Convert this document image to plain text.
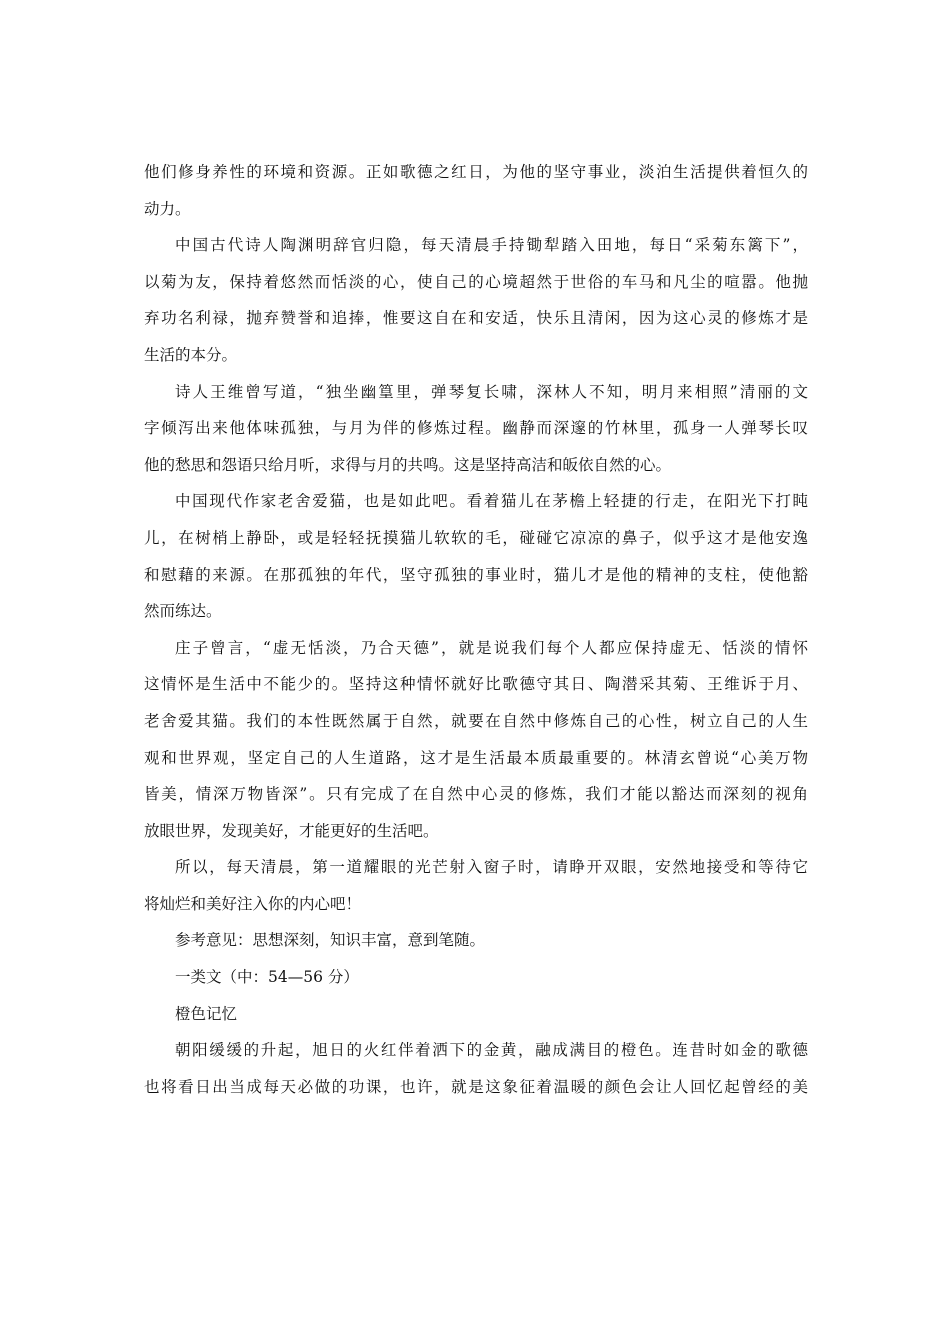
他们修身养性的环境和资源。正如歌德之红日，为他的坚守事业，淡泊生活提供着恒久的
动力。
中国古代诗人陶渊明辞官归隐，每天清晨手持锄犁踏入田地，每日“采菊东篱下”，
以菊为友，保持着悠然而恬淡的心，使自己的心境超然于世俗的车马和凡尘的喧嚣。他抛
弃功名利禄，抛弃赞誉和追捧，惟要这自在和安适，快乐且清闲，因为这心灵的修炼才是
生活的本分。
诗人王维曾写道，“独坐幽篁里，弹琴复长啸，深林人不知，明月来相照”清丽的文
字倾泻出来他体味孤独，与月为伴的修炼过程。幽静而深邃的竹林里，孤身一人弹琴长叹
他的愁思和怨语只给月听，求得与月的共鸣。这是坚持高洁和皈依自然的心。
中国现代作家老舍爱猫，也是如此吧。看着猫儿在茅檐上轻捷的行走，在阳光下打盹
儿，在树梢上静卧，或是轻轻抚摸猫儿软软的毛，碰碰它凉凉的鼻子，似乎这才是他安逸
和慰藉的来源。在那孤独的年代，坚守孤独的事业时，猫儿才是他的精神的支柱，使他豁
然而练达。
庄子曾言，“虚无恬淡，乃合天德”，就是说我们每个人都应保持虚无、恬淡的情怀
这情怀是生活中不能少的。坚持这种情怀就好比歌德守其日、陶潜采其菊、王维诉于月、
老舍爱其猫。我们的本性既然属于自然，就要在自然中修炼自己的心性，树立自己的人生
观和世界观，坚定自己的人生道路，这才是生活最本质最重要的。林清玄曾说“心美万物
皆美，情深万物皆深”。只有完成了在自然中心灵的修炼，我们才能以豁达而深刻的视角
放眼世界，发现美好，才能更好的生活吧。
所以，每天清晨，第一道耀眼的光芒射入窗子时，请睁开双眼，安然地接受和等待它
将灿烂和美好注入你的内心吧！
参考意见：思想深刻，知识丰富，意到笔随。
一类文（中：54—56 分）
橙色记忆
朝阳缓缓的升起，旭日的火红伴着洒下的金黄，融成满目的橙色。连昔时如金的歌德
也将看日出当成每天必做的功课，也许，就是这象征着温暖的颜色会让人回忆起曾经的美
